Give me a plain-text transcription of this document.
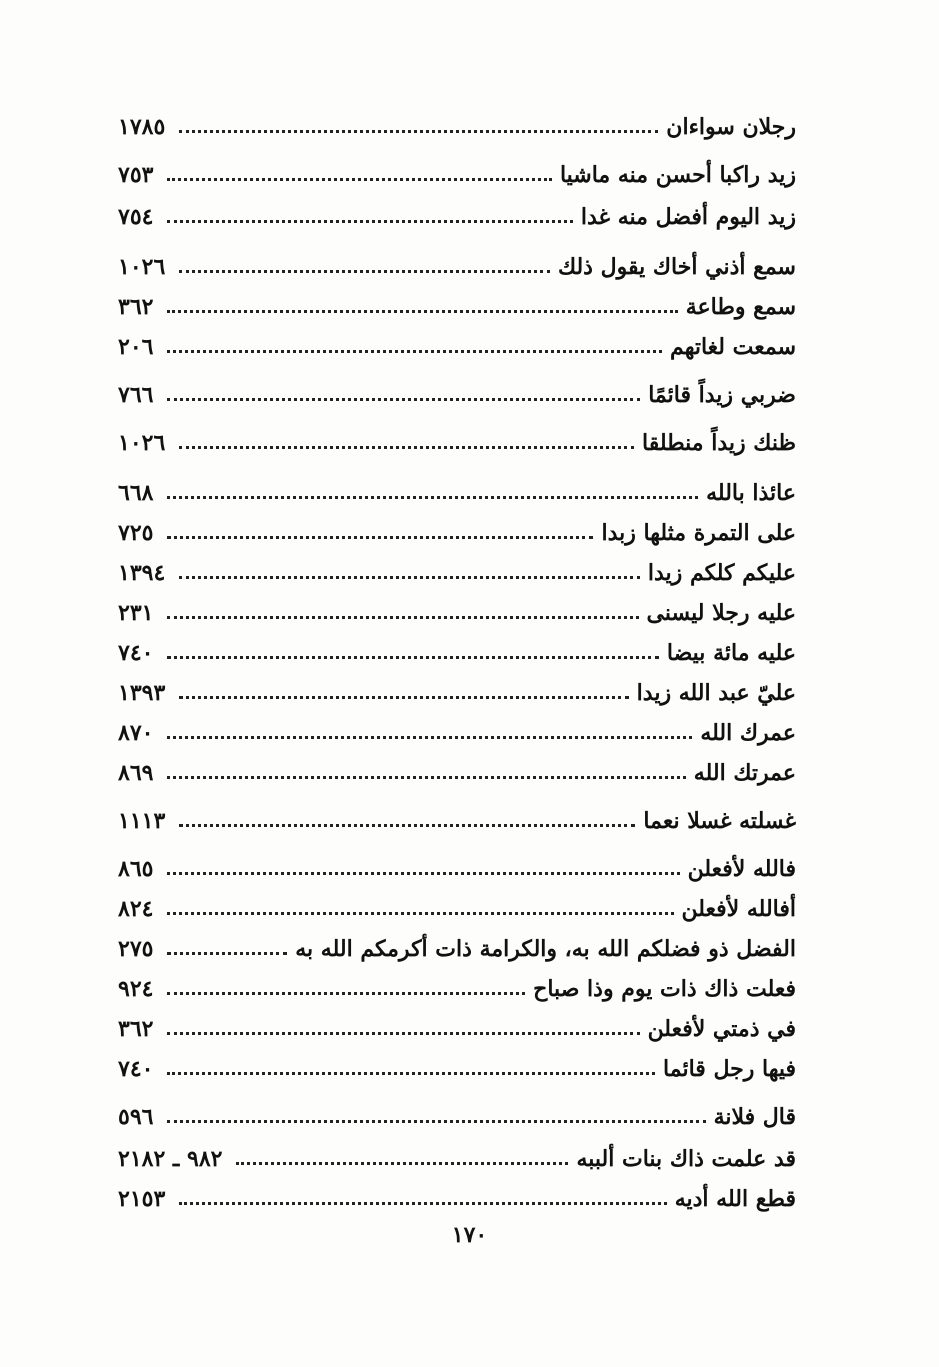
رجلان سواءان
١٧٨٥
زيد راكبا أحسن منه ماشيا
٧٥٣
زيد اليوم أفضل منه غدا
٧٥٤
سمع أذني أخاك يقول ذلك
١٠٢٦
سمع وطاعة
٣٦٢
سمعت لغاتهم
٢٠٦
ضربي زيداً قائمًا
٧٦٦
ظنك زيداً منطلقا
١٠٢٦
عائذا بالله
٦٦٨
على التمرة مثلها زبدا
٧٢٥
عليكم كلكم زيدا
١٣٩٤
عليه رجلا ليسنى
٢٣١
عليه مائة بيضا
٧٤٠
عليّ عبد الله زيدا
١٣٩٣
عمرك الله
٨٧٠
عمرتك الله
٨٦٩
غسلته غسلا نعما
١١١٣
فالله لأفعلن
٨٦٥
أفالله لأفعلن
٨٢٤
الفضل ذو فضلكم الله به، والكرامة ذات أكرمكم الله به
٢٧٥
فعلت ذاك ذات يوم وذا صباح
٩٢٤
في ذمتي لأفعلن
٣٦٢
فيها رجل قائما
٧٤٠
قال فلانة
٥٩٦
قد علمت ذاك بنات ألببه
٩٨٢ ـ ٢١٨٢
قطع الله أديه
٢١٥٣
١٧٠
